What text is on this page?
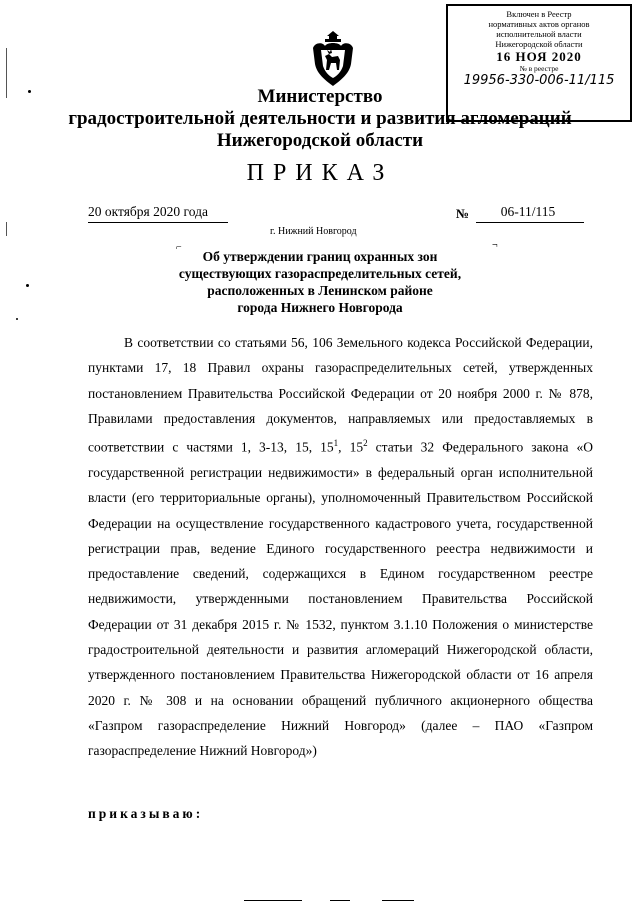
Включен в Реестр
нормативных актов органов
исполнительной власти
Нижегородской области
16 НОЯ 2020
№ в реестре
19956-330-006-11/115
Министерство
градостроительной деятельности и развития агломераций
Нижегородской области
ПРИКАЗ
20 октября 2020 года
г. Нижний Новгород
№	06-11/115
⌐	¬
Об утверждении границ охранных зон
существующих газораспределительных сетей,
расположенных в Ленинском районе
города Нижнего Новгорода
В соответствии со статьями 56, 106 Земельного кодекса Российской Федерации, пунктами 17, 18 Правил охраны газораспределительных сетей, утвержденных постановлением Правительства Российской Федерации от 20 ноября 2000 г. № 878, Правилами предоставления документов, направляемых или предоставляемых в соответствии с частями 1, 3-13, 15, $15^1$, $15^2$ статьи 32 Федерального закона «О государственной регистрации недвижимости» в федеральный орган исполнительной власти (его территориальные органы), уполномоченный Правительством Российской Федерации на осуществление государственного кадастрового учета, государственной регистрации прав, ведение Единого государственного реестра недвижимости и предоставление сведений, содержащихся в Едином государственном реестре недвижимости, утвержденными постановлением Правительства Российской Федерации от 31 декабря 2015 г. № 1532, пунктом 3.1.10 Положения о министерстве градостроительной деятельности и развития агломераций Нижегородской области, утвержденного постановлением Правительства Нижегородской области от 16 апреля 2020 г. № 308 и на основании обращений публичного акционерного общества «Газпром газораспределение Нижний Новгород» (далее – ПАО «Газпром газораспределение Нижний Новгород»)
приказываю:
